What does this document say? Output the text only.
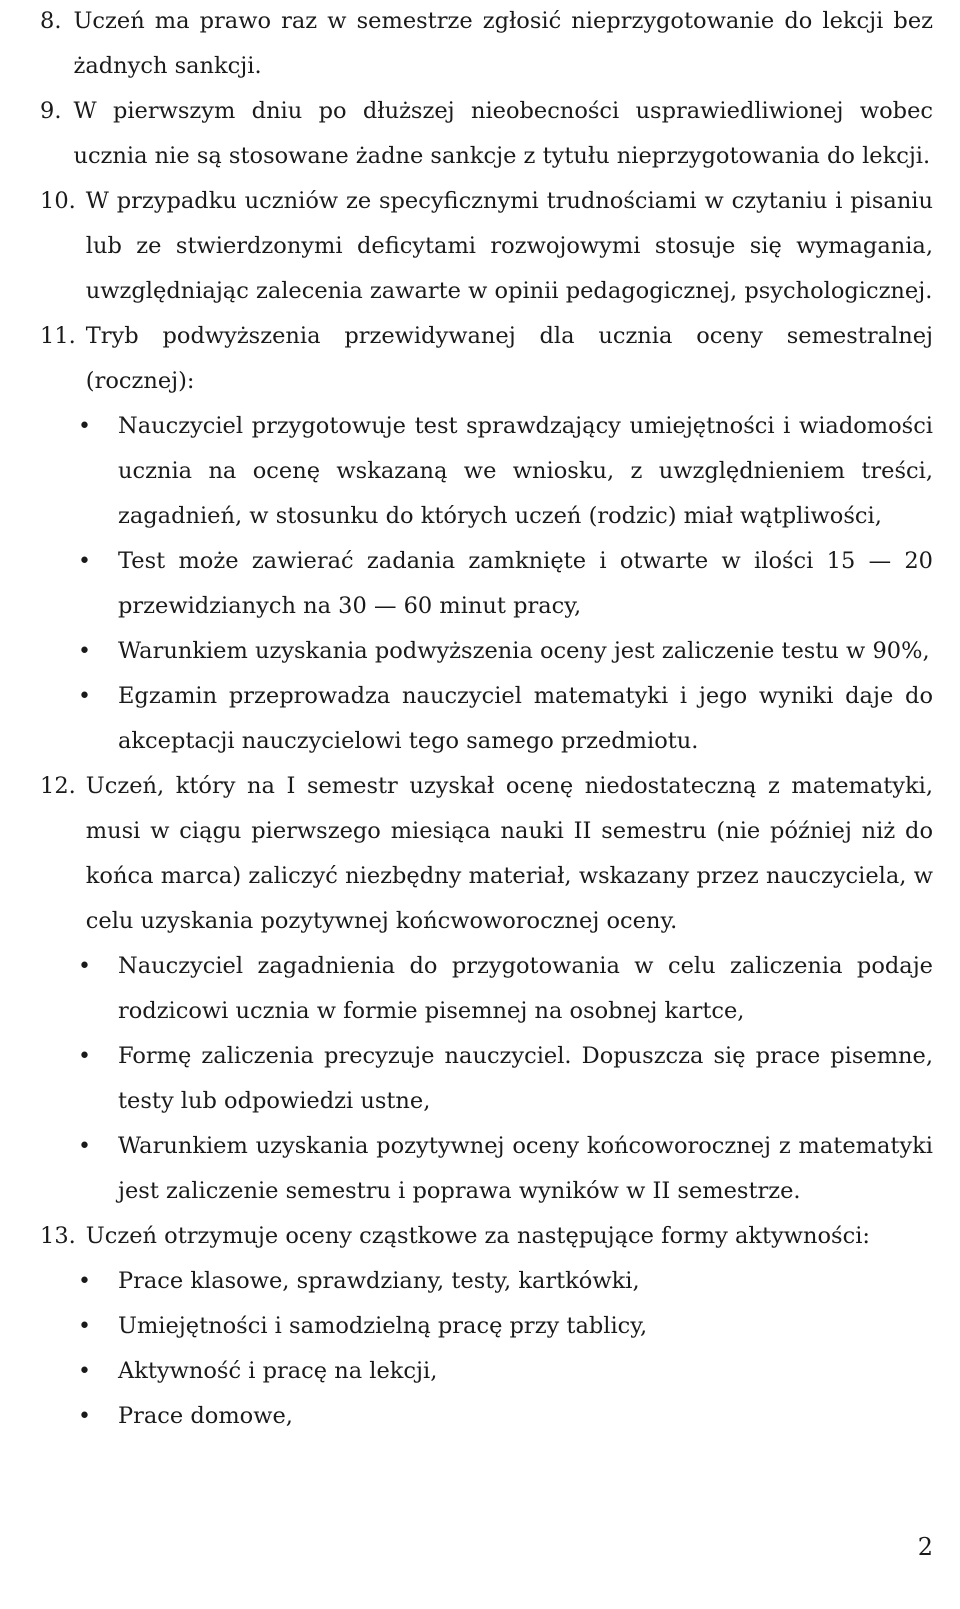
8. Uczeń ma prawo raz w semestrze zgłosić nieprzygotowanie do lekcji bez żadnych sankcji.
9. W pierwszym dniu po dłuższej nieobecności usprawiedliwionej wobec ucznia nie są stosowane żadne sankcje z tytułu nieprzygotowania do lekcji.
10. W przypadku uczniów ze specyficznymi trudnościami w czytaniu i pisaniu lub ze stwierdzonymi deficytami rozwojowymi stosuje się wymagania, uwzględniając zalecenia zawarte w opinii pedagogicznej, psychologicznej.
11. Tryb podwyższenia przewidywanej dla ucznia oceny semestralnej (rocznej):
•	Nauczyciel przygotowuje test sprawdzający umiejętności i wiadomości ucznia na ocenę wskazaną we wniosku, z uwzględnieniem treści, zagadnień, w stosunku do których uczeń (rodzic) miał wątpliwości,
•	Test może zawierać zadania zamknięte i otwarte w ilości 15 — 20 przewidzianych na 30 — 60 minut pracy,
•	Warunkiem uzyskania podwyższenia oceny jest zaliczenie testu w 90%,
•	Egzamin przeprowadza nauczyciel matematyki i jego wyniki daje do akceptacji nauczycielowi tego samego przedmiotu.
12. Uczeń, który na I semestr uzyskał ocenę niedostateczną z matematyki, musi w ciągu pierwszego miesiąca nauki II semestru (nie później niż do końca marca) zaliczyć niezbędny materiał, wskazany przez nauczyciela, w celu uzyskania pozytywnej końcwoworocznej oceny.
•	Nauczyciel zagadnienia do przygotowania w celu zaliczenia podaje rodzicowi ucznia w formie pisemnej na osobnej kartce,
•	Formę zaliczenia precyzuje nauczyciel. Dopuszcza się prace pisemne, testy lub odpowiedzi ustne,
•	Warunkiem uzyskania pozytywnej oceny końcoworocznej z matematyki jest zaliczenie semestru i poprawa wyników w II semestrze.
13. Uczeń otrzymuje oceny cząstkowe za następujące formy aktywności:
•	Prace klasowe, sprawdziany, testy, kartkówki,
•	Umiejętności i samodzielną pracę przy tablicy,
•	Aktywność i pracę na lekcji,
•	Prace domowe,
2
